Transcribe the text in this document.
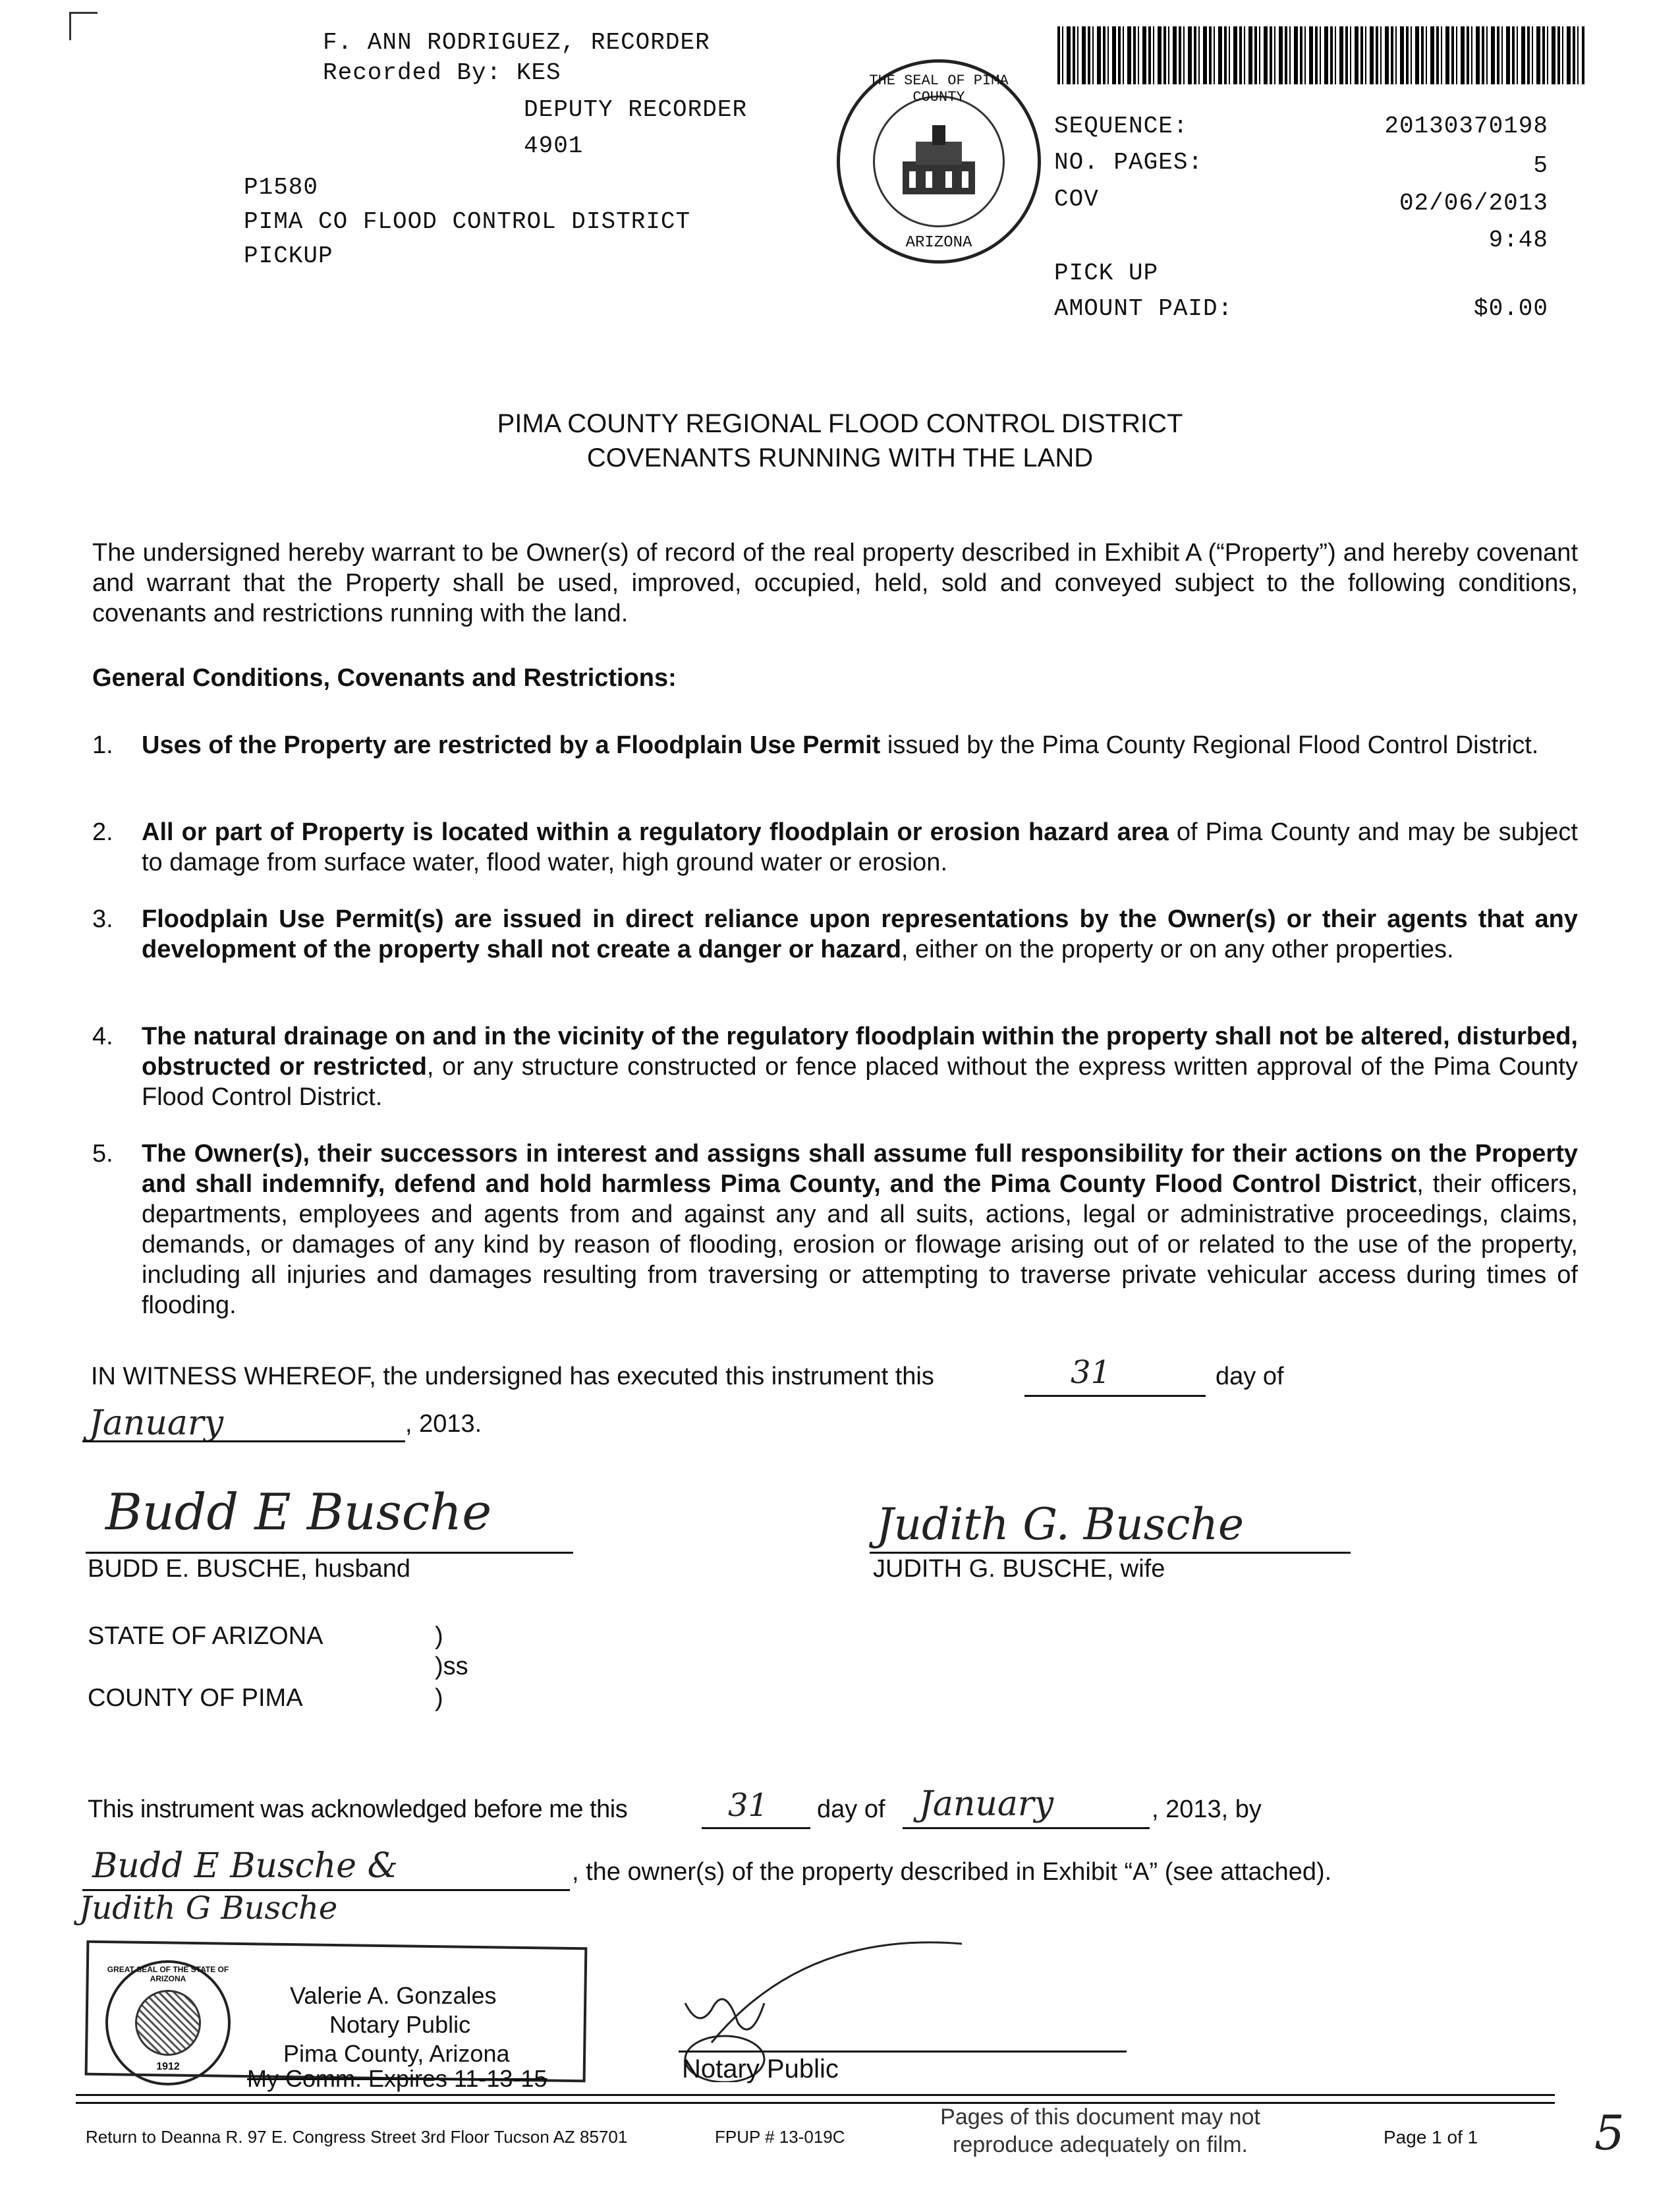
F. ANN RODRIGUEZ, RECORDER
Recorded By: KES
DEPUTY RECORDER
4901
P1580
PIMA CO FLOOD CONTROL DISTRICT
PICKUP
THE SEAL OF PIMA COUNTY
ARIZONA
SEQUENCE:	20130370198
NO. PAGES:	5
COV	02/06/2013
9:48
PICK UP
AMOUNT PAID:	$0.00
PIMA COUNTY REGIONAL FLOOD CONTROL DISTRICT
COVENANTS RUNNING WITH THE LAND
The undersigned hereby warrant to be Owner(s) of record of the real property described in Exhibit A (“Property”) and hereby covenant and warrant that the Property shall be used, improved, occupied, held, sold and conveyed subject to the following conditions, covenants and restrictions running with the land.
General Conditions, Covenants and Restrictions:
1. Uses of the Property are restricted by a Floodplain Use Permit issued by the Pima County Regional Flood Control District.
2. All or part of Property is located within a regulatory floodplain or erosion hazard area of Pima County and may be subject to damage from surface water, flood water, high ground water or erosion.
3. Floodplain Use Permit(s) are issued in direct reliance upon representations by the Owner(s) or their agents that any development of the property shall not create a danger or hazard, either on the property or on any other properties.
4. The natural drainage on and in the vicinity of the regulatory floodplain within the property shall not be altered, disturbed, obstructed or restricted, or any structure constructed or fence placed without the express written approval of the Pima County Flood Control District.
5. The Owner(s), their successors in interest and assigns shall assume full responsibility for their actions on the Property and shall indemnify, defend and hold harmless Pima County, and the Pima County Flood Control District, their officers, departments, employees and agents from and against any and all suits, actions, legal or administrative proceedings, claims, demands, or damages of any kind by reason of flooding, erosion or flowage arising out of or related to the use of the property, including all injuries and damages resulting from traversing or attempting to traverse private vehicular access during times of flooding.
IN WITNESS WHEREOF, the undersigned has executed this instrument this	31	day of
January	, 2013.
Budd E Busche
BUDD E. BUSCHE, husband
Judith G. Busche
JUDITH G. BUSCHE, wife
STATE OF ARIZONA	)
)ss
COUNTY OF PIMA	)
This instrument was acknowledged before me this	31 day of January	, 2013, by
Budd E Busche &	, the owner(s) of the property described in Exhibit “A” (see attached).
Judith G Busche
GREAT SEAL OF THE STATE OF ARIZONA
1912
Valerie A. Gonzales
Notary Public
Pima County, Arizona
My Comm. Expires 11-13-15	Notary Public
Return to Deanna R. 97 E. Congress Street 3rd Floor Tucson AZ 85701	FPUP # 13-019C
Pages of this document may not reproduce adequately on film.	Page 1 of 1 5
